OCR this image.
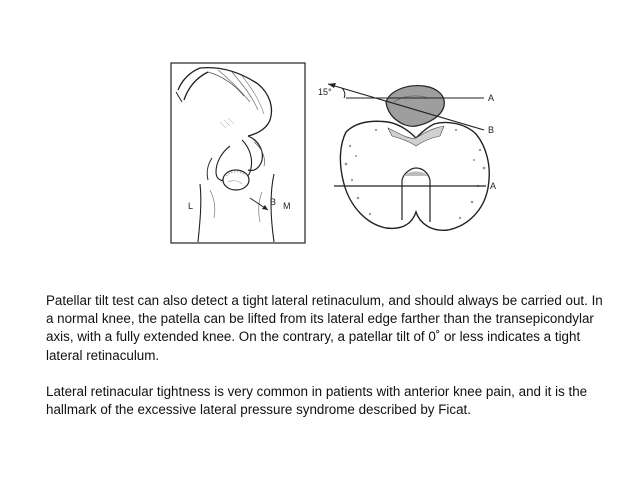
L	B M
15°
A
B
A

Patellar tilt test can also detect a tight lateral retinaculum, and should always be carried out. In a normal knee, the patella can be lifted from its lateral edge farther than the transepicondylar axis, with a fully extended knee. On the contrary, a patellar tilt of 0˚ or less indicates a tight lateral retinaculum.

Lateral retinacular tightness is very common in patients with anterior knee pain, and it is the hallmark of the excessive lateral pressure syndrome described by Ficat.
